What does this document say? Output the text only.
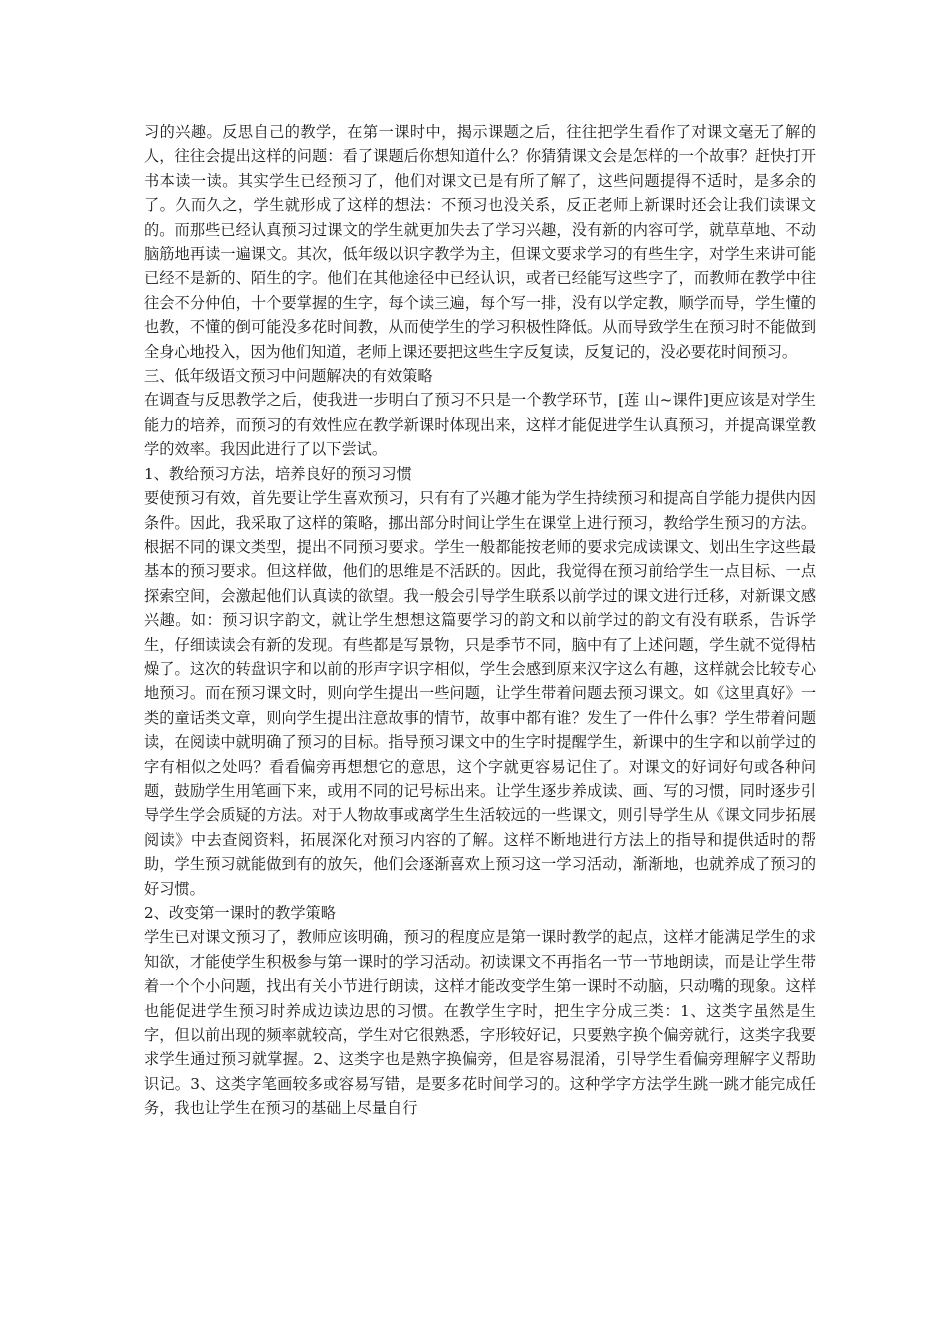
习的兴趣。反思自己的教学，在第一课时中，揭示课题之后，往往把学生看作了对课文毫无了解的人，往往会提出这样的问题：看了课题后你想知道什么？你猜猜课文会是怎样的一个故事？赶快打开书本读一读。其实学生已经预习了，他们对课文已是有所了解了，这些问题提得不适时，是多余的了。久而久之，学生就形成了这样的想法：不预习也没关系，反正老师上新课时还会让我们读课文的。而那些已经认真预习过课文的学生就更加失去了学习兴趣，没有新的内容可学，就草草地、不动脑筋地再读一遍课文。其次，低年级以识字教学为主，但课文要求学习的有些生字，对学生来讲可能已经不是新的、陌生的字。他们在其他途径中已经认识，或者已经能写这些字了，而教师在教学中往往会不分仲伯，十个要掌握的生字，每个读三遍，每个写一排，没有以学定教，顺学而导，学生懂的也教，不懂的倒可能没多花时间教，从而使学生的学习积极性降低。从而导致学生在预习时不能做到全身心地投入，因为他们知道，老师上课还要把这些生字反复读，反复记的，没必要花时间预习。

三、低年级语文预习中问题解决的有效策略

在调查与反思教学之后，使我进一步明白了预习不只是一个教学环节，[莲 山~课件]更应该是对学生能力的培养，而预习的有效性应在教学新课时体现出来，这样才能促进学生认真预习，并提高课堂教学的效率。我因此进行了以下尝试。

1、教给预习方法，培养良好的预习习惯

要使预习有效，首先要让学生喜欢预习，只有有了兴趣才能为学生持续预习和提高自学能力提供内因条件。因此，我采取了这样的策略，挪出部分时间让学生在课堂上进行预习，教给学生预习的方法。根据不同的课文类型，提出不同预习要求。学生一般都能按老师的要求完成读课文、划出生字这些最基本的预习要求。但这样做，他们的思维是不活跃的。因此，我觉得在预习前给学生一点目标、一点探索空间，会激起他们认真读的欲望。我一般会引导学生联系以前学过的课文进行迁移，对新课文感兴趣。如：预习识字韵文，就让学生想想这篇要学习的韵文和以前学过的韵文有没有联系，告诉学生，仔细读读会有新的发现。有些都是写景物，只是季节不同，脑中有了上述问题，学生就不觉得枯燥了。这次的转盘识字和以前的形声字识字相似，学生会感到原来汉字这么有趣，这样就会比较专心地预习。而在预习课文时，则向学生提出一些问题，让学生带着问题去预习课文。如《这里真好》一类的童话类文章，则向学生提出注意故事的情节，故事中都有谁？发生了一件什么事？学生带着问题读，在阅读中就明确了预习的目标。指导预习课文中的生字时提醒学生，新课中的生字和以前学过的字有相似之处吗？看看偏旁再想想它的意思，这个字就更容易记住了。对课文的好词好句或各种问题，鼓励学生用笔画下来，或用不同的记号标出来。让学生逐步养成读、画、写的习惯，同时逐步引导学生学会质疑的方法。对于人物故事或离学生生活较远的一些课文，则引导学生从《课文同步拓展阅读》中去查阅资料，拓展深化对预习内容的了解。这样不断地进行方法上的指导和提供适时的帮助，学生预习就能做到有的放矢，他们会逐渐喜欢上预习这一学习活动，渐渐地，也就养成了预习的好习惯。

2、改变第一课时的教学策略

学生已对课文预习了，教师应该明确，预习的程度应是第一课时教学的起点，这样才能满足学生的求知欲，才能使学生积极参与第一课时的学习活动。初读课文不再指名一节一节地朗读，而是让学生带着一个个小问题，找出有关小节进行朗读，这样才能改变学生第一课时不动脑，只动嘴的现象。这样也能促进学生预习时养成边读边思的习惯。在教学生字时，把生字分成三类：1、这类字虽然是生字，但以前出现的频率就较高，学生对它很熟悉，字形较好记，只要熟字换个偏旁就行，这类字我要求学生通过预习就掌握。2、这类字也是熟字换偏旁，但是容易混淆，引导学生看偏旁理解字义帮助识记。3、这类字笔画较多或容易写错，是要多花时间学习的。这种学字方法学生跳一跳才能完成任务，我也让学生在预习的基础上尽量自行
